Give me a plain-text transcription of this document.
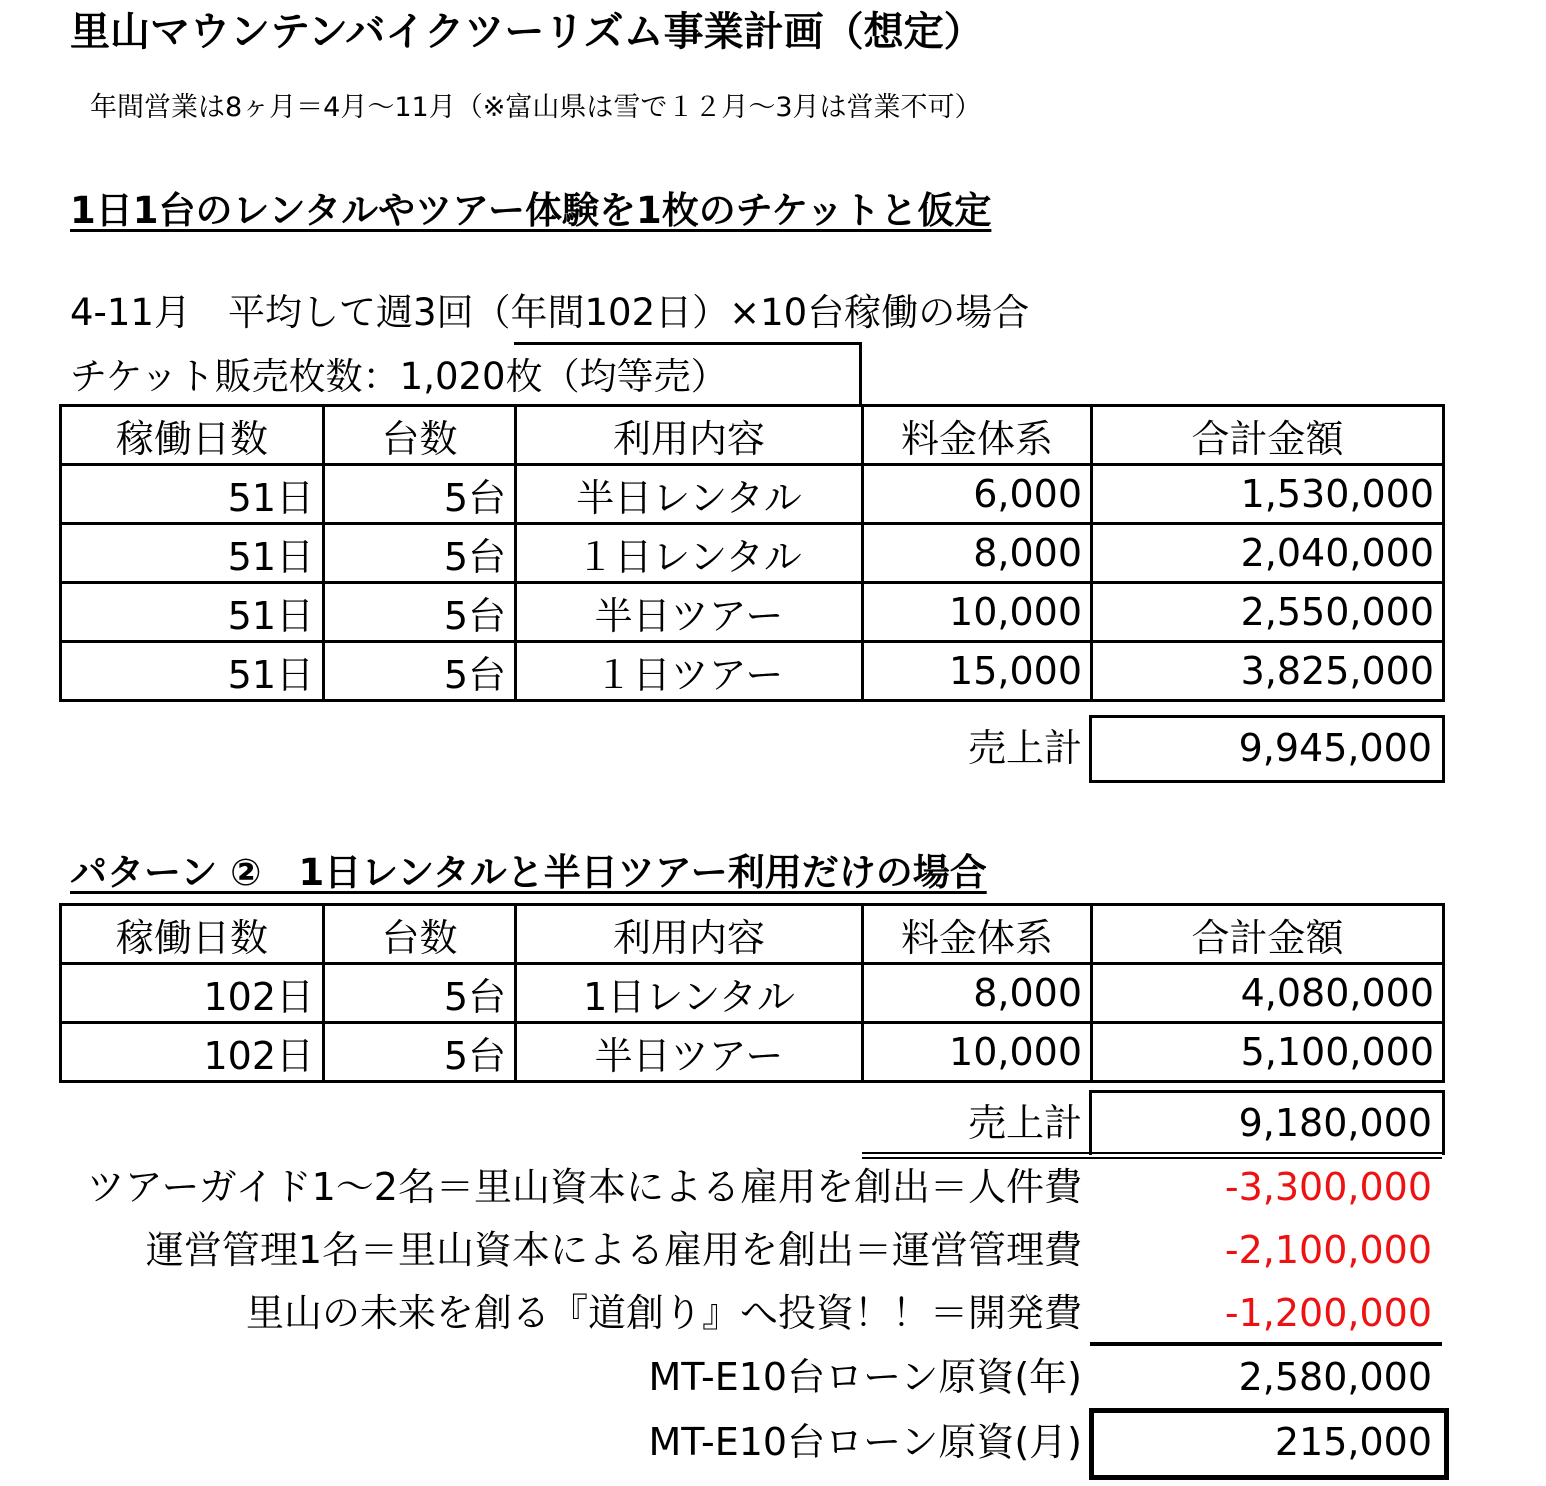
里山マウンテンバイクツーリズム事業計画（想定）
年間営業は8ヶ月＝4月～11月（※富山県は雪で１２月～3月は営業不可）
1日1台のレンタルやツアー体験を1枚のチケットと仮定
4-11月　平均して週3回（年間102日）×10台稼働の場合
チケット販売枚数：1,020枚（均等売）
稼働日数	台数	利用内容	料金体系	合計金額
51日	5台	半日レンタル	6,000	1,530,000
51日	5台	１日レンタル	8,000	2,040,000
51日	5台	半日ツアー	10,000	2,550,000
51日	5台	１日ツアー	15,000	3,825,000
売上計	9,945,000
パターン ②　1日レンタルと半日ツアー利用だけの場合
稼働日数	台数	利用内容	料金体系	合計金額
102日	5台	1日レンタル	8,000	4,080,000
102日	5台	半日ツアー	10,000	5,100,000
売上計	9,180,000
ツアーガイド1～2名＝里山資本による雇用を創出＝人件費	-3,300,000
運営管理1名＝里山資本による雇用を創出＝運営管理費	-2,100,000
里山の未来を創る『道創り』へ投資！！＝開発費	-1,200,000
MT-E10台ローン原資(年)	2,580,000
MT-E10台ローン原資(月)	215,000
